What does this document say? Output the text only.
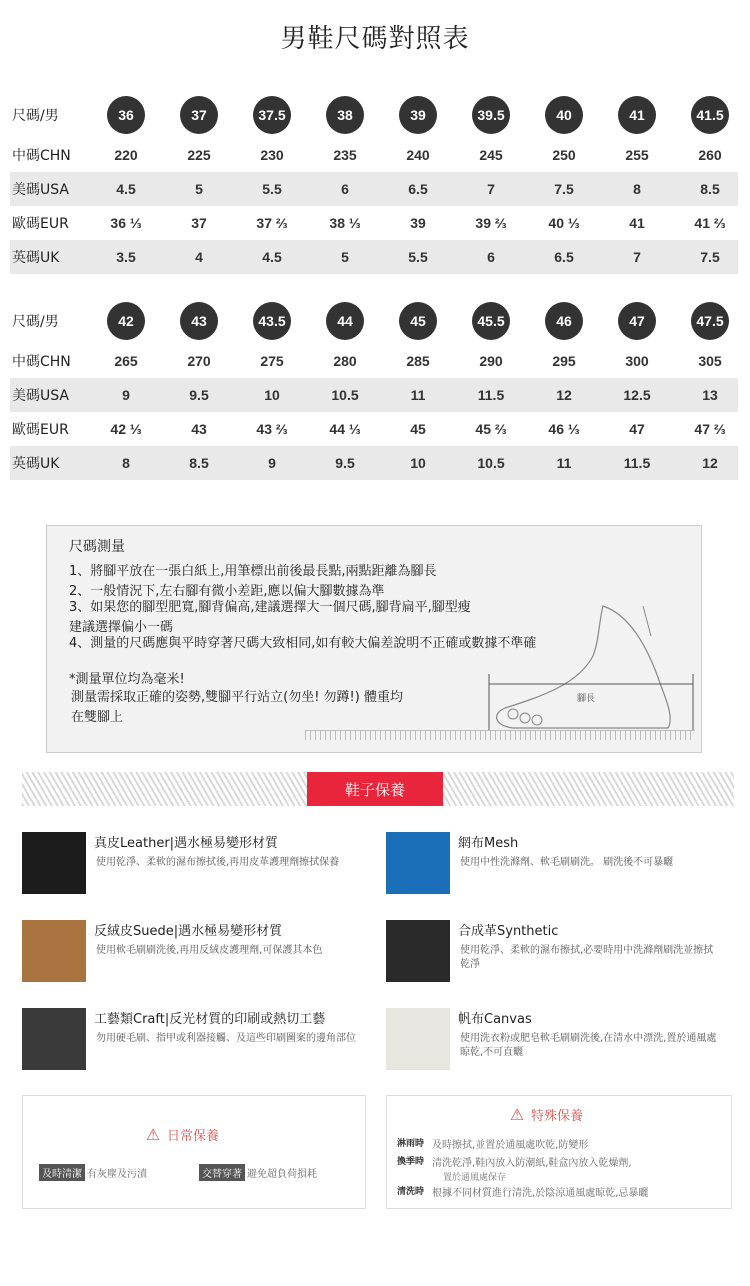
男鞋尺碼對照表
尺碼/男	36	37	37.5	38	39	39.5	40	41	41.5
中碼CHN	220	225	230	235	240	245	250	255	260
美碼USA	4.5	5	5.5	6	6.5	7	7.5	8	8.5
歐碼EUR	36 ⅓	37	37 ⅔	38 ⅓	39	39 ⅔	40 ⅓	41	41 ⅔
英碼UK	3.5	4	4.5	5	5.5	6	6.5	7	7.5
尺碼/男	42	43	43.5	44	45	45.5	46	47	47.5
中碼CHN	265	270	275	280	285	290	295	300	305
美碼USA	9	9.5	10	10.5	11	11.5	12	12.5	13
歐碼EUR	42 ⅓	43	43 ⅔	44 ⅓	45	45 ⅔	46 ⅓	47	47 ⅔
英碼UK	8	8.5	9	9.5	10	10.5	11	11.5	12

尺碼測量

1、將腳平放在一張白紙上,用筆標出前後最長點,兩點距離為腳長

2、一般情況下,左右腳有微小差距,應以偏大腳數據為準

3、如果您的腳型肥寬,腳背偏高,建議選擇大一個尺碼,腳背扁平,腳型瘦

建議選擇偏小一碼

4、測量的尺碼應與平時穿著尺碼大致相同,如有較大偏差說明不正確或數據不準確

*測量單位均為毫米!

測量需採取正確的姿勢,雙腳平行站立(勿坐! 勿蹲!) 體重均

在雙腳上

腳長

鞋子保養
真皮Leather|遇水極易變形材質
使用乾淨、柔軟的濕布擦拭後,再用皮革護理劑擦拭保養
網布Mesh
使用中性洗滌劑、軟毛刷刷洗。 刷洗後不可暴曬
反絨皮Suede|遇水極易變形材質
使用軟毛刷刷洗後,再用反絨皮護理劑,可保護其本色
合成革Synthetic
使用乾淨、柔軟的濕布擦拭,必要時用中洗滌劑刷洗並擦拭乾淨
工藝類Craft|反光材質的印刷或熱切工藝
勿用硬毛刷、指甲或利器接觸、及這些印刷圖案的邊角部位
帆布Canvas
使用洗衣粉或肥皂軟毛刷刷洗後,在清水中漂洗,置於通風處晾乾,不可直曬
⚠ 日常保養
及時清潔 有灰塵及污漬	交替穿著 避免超負荷損耗
⚠ 特殊保養
淋雨時 及時擦拭,並置於通風處吹乾,防變形
換季時 清洗乾淨,鞋內放入防潮紙,鞋盒內放入乾燥劑,
置於通風處保存
清洗時 根據不同材質進行清洗,於陰涼通風處晾乾,忌暴曬
